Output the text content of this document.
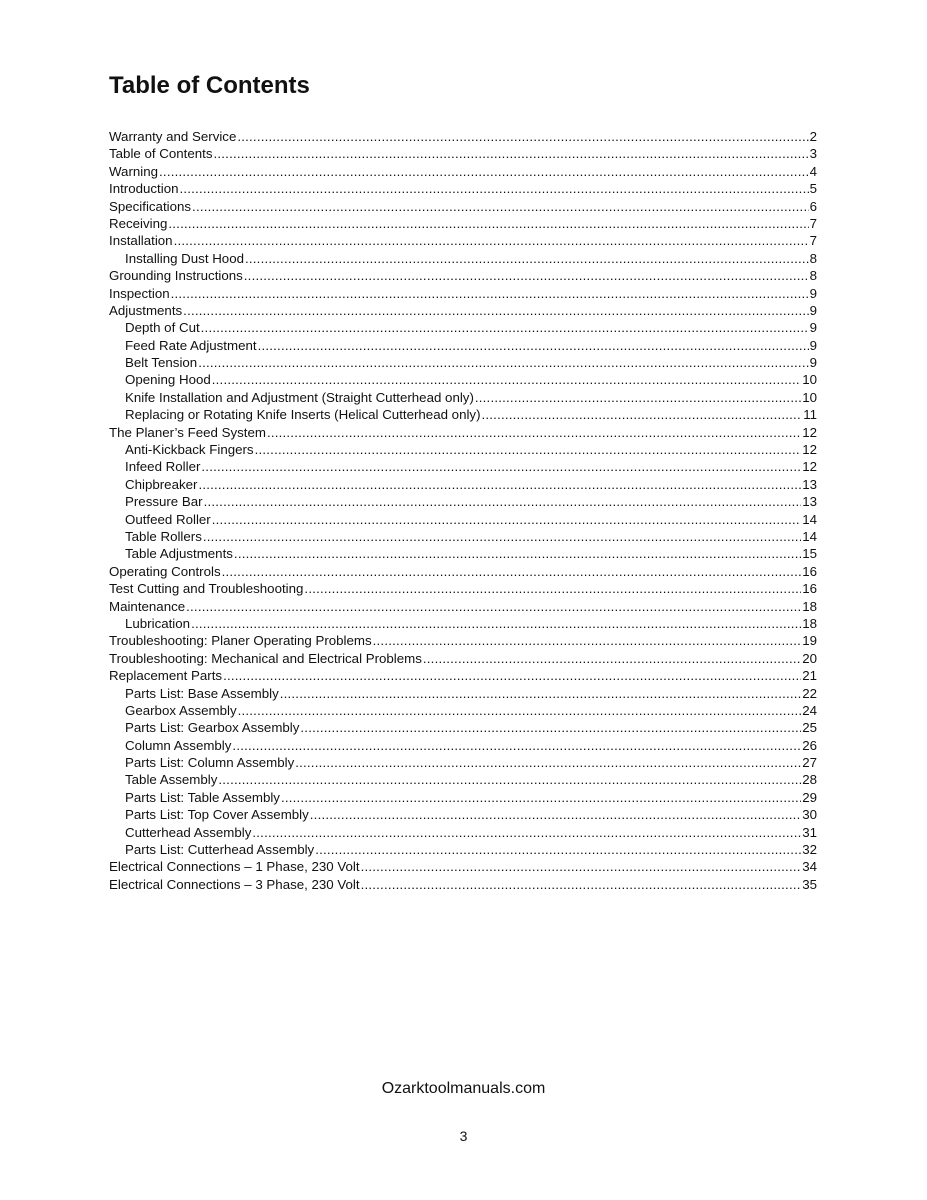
Table of Contents
Warranty and Service .....	2
Table of Contents .....	3
Warning .....	4
Introduction .....	5
Specifications .....	6
Receiving .....	7
Installation .....	7
Installing Dust Hood .....	8
Grounding Instructions .....	8
Inspection .....	9
Adjustments .....	9
Depth of Cut .....	9
Feed Rate Adjustment .....	9
Belt Tension .....	9
Opening Hood .....	10
Knife Installation and Adjustment (Straight Cutterhead only) .....	10
Replacing or Rotating Knife Inserts (Helical Cutterhead only) .....	11
The Planer’s Feed System .....	12
Anti-Kickback Fingers .....	12
Infeed Roller .....	12
Chipbreaker .....	13
Pressure Bar .....	13
Outfeed Roller .....	14
Table Rollers .....	14
Table Adjustments .....	15
Operating Controls .....	16
Test Cutting and Troubleshooting .....	16
Maintenance .....	18
Lubrication .....	18
Troubleshooting: Planer Operating Problems .....	19
Troubleshooting: Mechanical and Electrical Problems .....	20
Replacement Parts .....	21
Parts List: Base Assembly .....	22
Gearbox Assembly .....	24
Parts List: Gearbox Assembly .....	25
Column Assembly .....	26
Parts List: Column Assembly .....	27
Table Assembly .....	28
Parts List: Table Assembly .....	29
Parts List: Top Cover Assembly .....	30
Cutterhead Assembly .....	31
Parts List: Cutterhead Assembly .....	32
Electrical Connections – 1 Phase, 230 Volt .....	34
Electrical Connections – 3 Phase, 230 Volt .....	35
Ozarktoolmanuals.com
3
